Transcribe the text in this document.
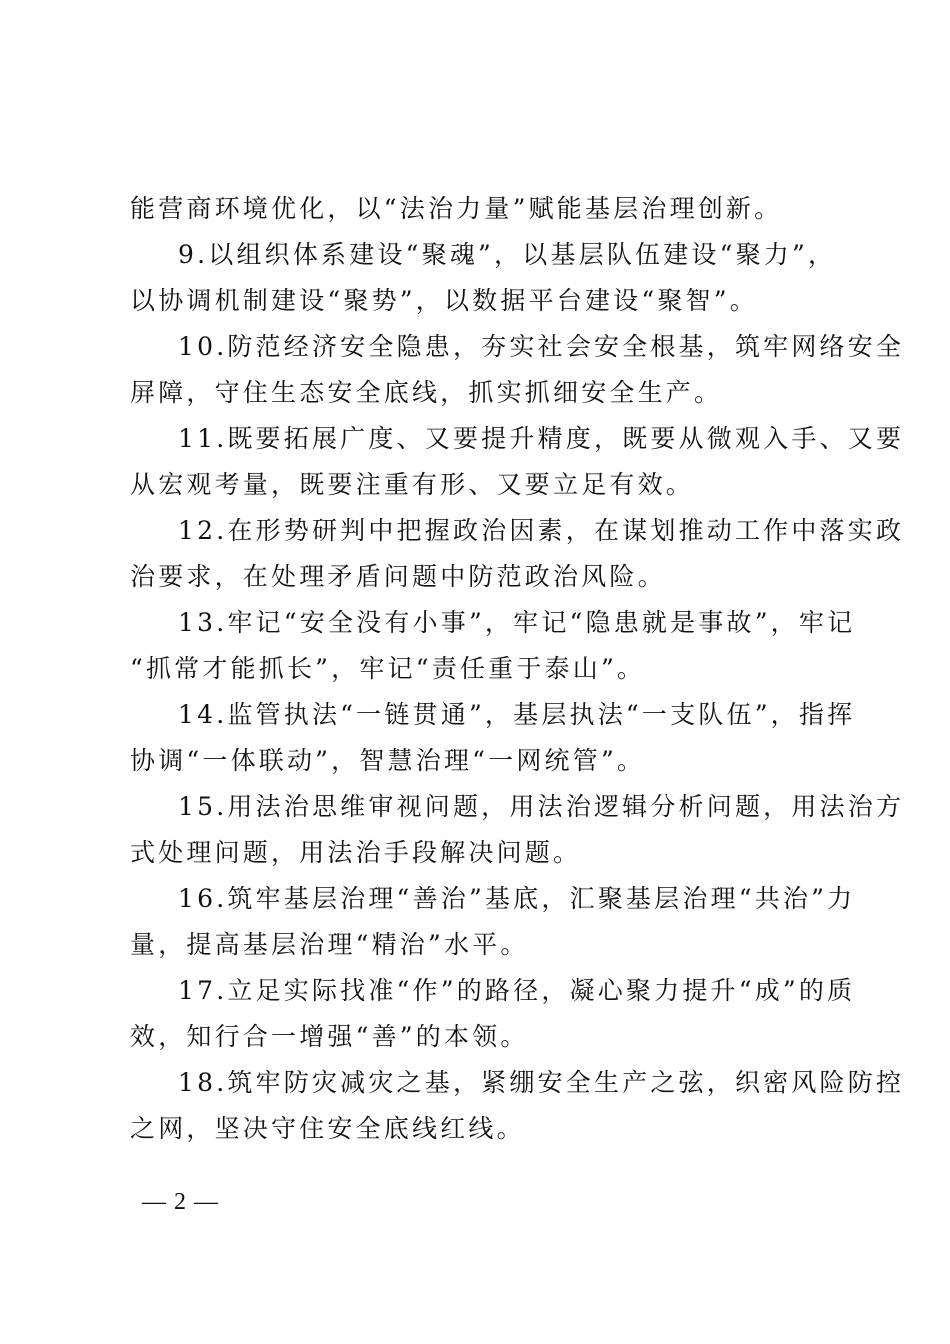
能营商环境优化，以“法治力量”赋能基层治理创新。
9.以组织体系建设“聚魂”，以基层队伍建设“聚力”，
以协调机制建设“聚势”，以数据平台建设“聚智”。
10.防范经济安全隐患，夯实社会安全根基，筑牢网络安全
屏障，守住生态安全底线，抓实抓细安全生产。
11.既要拓展广度、又要提升精度，既要从微观入手、又要
从宏观考量，既要注重有形、又要立足有效。
12.在形势研判中把握政治因素，在谋划推动工作中落实政
治要求，在处理矛盾问题中防范政治风险。
13.牢记“安全没有小事”，牢记“隐患就是事故”，牢记
“抓常才能抓长”，牢记“责任重于泰山”。
14.监管执法“一链贯通”，基层执法“一支队伍”，指挥
协调“一体联动”，智慧治理“一网统管”。
15.用法治思维审视问题，用法治逻辑分析问题，用法治方
式处理问题，用法治手段解决问题。
16.筑牢基层治理“善治”基底，汇聚基层治理“共治”力
量，提高基层治理“精治”水平。
17.立足实际找准“作”的路径，凝心聚力提升“成”的质
效，知行合一增强“善”的本领。
18.筑牢防灾减灾之基，紧绷安全生产之弦，织密风险防控
之网，坚决守住安全底线红线。
— 2 —
